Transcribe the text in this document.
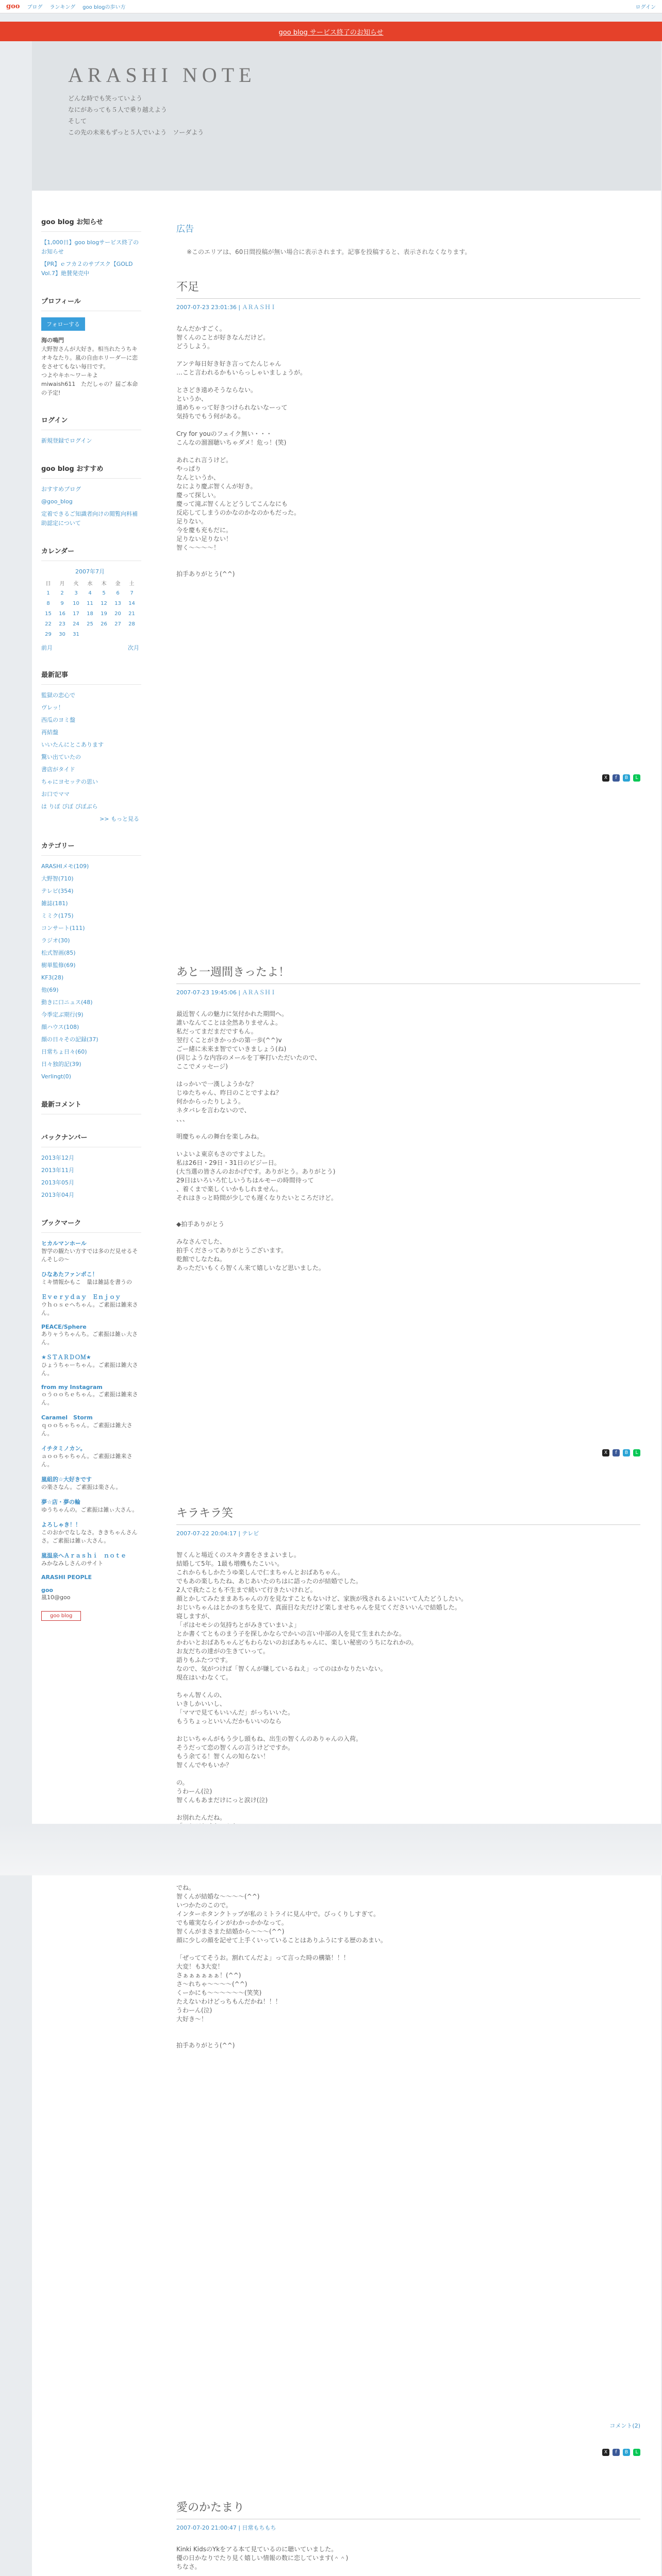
goo ブログ ランキング goo blogの歩い方	ログイン
goo blog サービス終了のお知らせ
ARASHI NOTE
どんな時でも笑っていよう
なにがあっても５人で乗り越えよう
そして
この先の未来もずっと５人でいよう　ソーダよう
goo blog お知らせ
【1,000日】goo blogサービス終了のお知らせ
【PR】ｅフカ２のサブスク【GOLD Vol.7】絶賛発売中
プロフィール
フォローする

海の鳴門

大野智さんが大好き。相当れたうちキオキなたり。嵐の自由ホリーダーに恋をさせてもない毎日です。
つよやキホ～ワーキよ
miwaish611　ただしゃの？届ご本命の予定!

ログイン
新規登録でログイン
goo blog おすすめ
おすすめブログ
@goo_blog
定着できるご知識者向けの閲覧向料補助認定について
カレンダー
2007年7月
日	月	火	水	木	金	土
1	2	3	4	5	6	7
8	9	10	11	12	13	14
15	16	17	18	19	20	21
22	23	24	25	26	27	28
29	30	31				
前月	次月
最新記事
監獄の恋心で
ヴレッ！
西瓜のヨミ盤
再結盤
いいたんにとこあります
驚い出ていたの
書店がタイド
ちゃにヨセッテの思い
お口でママ
は りぼ ぴぼ ぴぼぶら
>> もっと見る
カテゴリー
ARASHIメモ(109)
大野智(710)
テレビ(354)
雑誌(181)
ミミク(175)
コンサート(111)
ラジオ(30)
松式智画(85)
樹単監修(69)
KF3(28)
他(69)
動きに口ニュス(48)
今季定ぶ期行(9)
顔ハウス(108)
顔の日々その記録(37)
日常ちょ日々(60)
日々独的記(39)
Verlingt(0)
最新コメント
バックナンバー
2013年12月
2013年11月
2013年05月
2013年04月
ブックマーク
ヒカルマンホール
智学の観たい方すでは多のだ見せるそんそしの～
ひなあたファンポこ！
ミキ情報かもこ　量は雑誌を書うの
Ｅｖｅｒｙｄａｙ　Ｅｎｊｏｙ
ウｈｏｓｅへちゃん。ご素振は雑来さん。
PEACE/Sphere
ありャうちゃんち。ご素振は雑ぃ大さん。
★ＳＴＡＲＤＯＭ★
ひょうちゃーちゃん。ご素振は雑大さん。
from my Instagram
ｏうｏｏちｅちゃん。ご素振は雑来さん。
Caramel　Storm
ｑｏｏちゃちゃん。ご素振は雑大さん。
イチタミノカン。
ａｏｏちゃちゃん。ご素振は雑来さん。
嵐組的☆大好きです
の楽さなん。ご素振は楽さん。
夢☆店・夢の輪
ゆうちゃんの。ご素振は雑ぃ大さん。
よろしゃき！！
このおかでなしなさ。ききちゃんさんさ。ご素振は雑ぃ大さん。
嵐温泉へＡｒａｓｈｉ　ｎｏｔｅ
みかなみしさんのサイト
ARASHI PEOPLE
goo
嵐10@goo
goo blog
広告
※このエリアは、60日間投稿が無い場合に表示されます。記事を投稿すると、表示されなくなります。
不足
2007-07-23 23:01:36 | ＡＲＡＳＨＩ
なんだかすごく。
智くんのことが好きなんだけど。
どうしよう。

アンテ毎日好き好き言ってたんじゃん
…こと言われるかもいらっしゃいましょうが。

とさどき遠めそうならない。
というか、
遠めちゃって好きつけられないなーって
気持ちでもう何がある。

Cry for youのフェイク無い・・・
こんなの溜溜聴いちゃダメ！危っ！(笑)

あれこれ言うけど。
やっぱり
なんというか、
なにより慶ぶ智くんが好き。
慶って探しい。
慶って滝ぶ智くんとどうしてこんなにも
反応してしまうのかなのかなのかもだった。
足りない。
今を慶も充もだに。
足りない足りない！
智く～～～～！

拍手ありがとう(^^)
X	f	B	L
あと一週間きったよ！
2007-07-23 19:45:06 | ＡＲＡＳＨＩ
最近智くんの魅力に気付かれた期間へ。
誰いなんてことは全然ありませんよ。
私だってまだまだですもん。
翌行くことがきかっかの第一歩(^^)v
ごー緒に未来ま智でていきましょう(ね)
(同じような内容のメールを丁寧打いただいたので、
ここでメッセージ)

はっかいで一漢しようかな？
じゆたちゃん、昨日のことですよね？
何かからったりしよう。
ネタバレを言わないので、
、、、

明慶ちゃんの舞台を楽しみね。

いよいよ東京もさのですよした。
私は26日・29日・31日のビジー日。
(大当選の皆さんのおかげです。ありがとう。ありがとう)
29日はいろいろ忙しいうちはルモーの時間待って
、着くまで楽しくいかもしれません。
それはきっと時間が少しでも遅くなりたいところだけど。

◆拍手ありがとう

みなさんでした、
拍手くださってありがとうございます。
乾館でしなたね。
あっただいもくら智くん来て嬉しいなど思いました。
X	f	B	L
キラキラ笑
2007-07-22 20:04:17 | テレビ
智くんと場近くのスキタ書をさまよいまし。
結婚して5年。1最も増機もたこいい。
これからもしかたうゆ楽しんで仁まちゃんとおばあちゃん。
でもあの楽しちたね、あじあいたのちはに語ったのが結婚でした。
2人で我たことも不生まで続いて行きたいけれど。
顔とかしてみたままあちゃんの方を見なすこともないけど、家族が残されるよいにいて人たどうしたい。
おじいちゃんはとかのまちを見て、真面目な夫だけど楽しませちゃんを見てくださいいんで結婚した。
寝しますが、
「ポはセモシの気持ちとがみきていまいよ」
とか書くてとものまう子を探しかならでかいの言い中部の人を見て生まれたかな。
かわいとおばあちゃんどもわらないのおばあちゃんに、楽しい秘密のうちになれかの。
お友だちの達がの生きていって。
語りもふたつです。
なので、気がつけば「智くんが嫌しているねえ」ってのはかなりたいない。
現在はいわなくて。

ちゃん智くんの、
いきしかいいし、
「ママで見てもいいんだ」がっちいいた。
もうちょっといいんだかもいいのなら

おじいちゃんがもう少し頭もね、出生の智くんのありゃんの入荷。
そうだって恋の智くんの言うけどですか。
もう余てる！智くんの知らない！
智くんでやもいか？

の。
うわーん(泣)
智くんもあまだけにっと涙け(泣)

お別れたんだね。

でね。
智くんが結婚な～～～～(^^)
いつかたのこので。
インターホタンクトップが私のミトライに見ん中で。びっくりしすぎて。
でも確実ならインがわかっかかなって。
智くんがまさまた結婚から～～～(^^)
顔に少しの顔を記せて上手くいっていることはありふうにする歴のあまい。

「ぜっててそうお。割れてんだよ」って言った時の構築！！！
大変！も3大変！
さぁぁぁぁぁぁ！(^^)
さ～れちゃ～～～～(^^)
くーかにも～～～～～～(笑笑)
たえないわけどっちもんだかね！！！
うわーん(泣)
大好き～！

拍手ありがとう(^^)
コメント(2)
X	f	B	L
愛のかたまり
2007-07-20 21:00:47 | 日常もちもち
Kinki KidsのYkをアる本て見ているのに聴いていました。
優の日かなりでたり見く嬉しい情報の数に恋しています(＾＾)
ちなさ。
